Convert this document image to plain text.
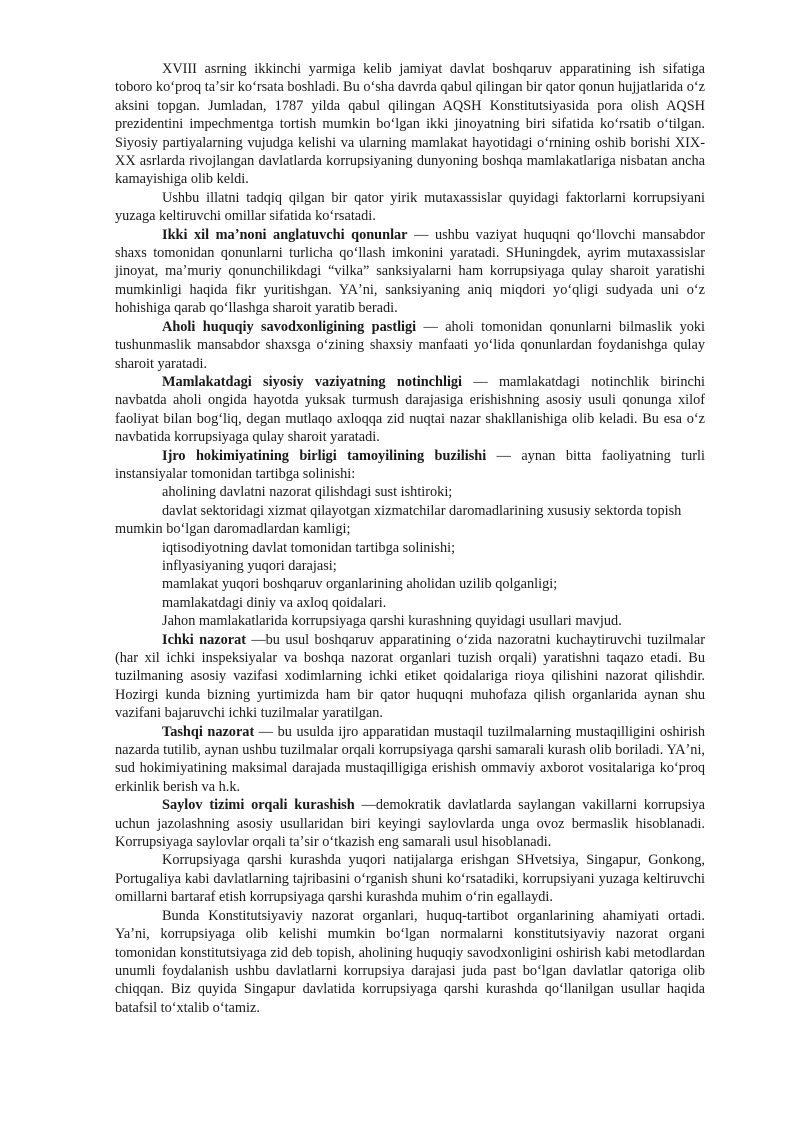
XVIII asrning ikkinchi yarmiga kelib jamiyat davlat boshqaruv apparatining ish sifatiga toboro koʻproq taʼsir koʻrsata boshladi. Bu oʻsha davrda qabul qilingan bir qator qonun hujjatlarida oʻz aksini topgan. Jumladan, 1787 yilda qabul qilingan AQSH Konstitutsiyasida pora olish AQSH prezidentini impechmentga tortish mumkin boʻlgan ikki jinoyatning biri sifatida koʻrsatib oʻtilgan. Siyosiy partiyalarning vujudga kelishi va ularning mamlakat hayotidagi oʻrnining oshib borishi XIX-XX asrlarda rivojlangan davlatlarda korrupsiyaning dunyoning boshqa mamlakatlariga nisbatan ancha kamayishiga olib keldi.

Ushbu illatni tadqiq qilgan bir qator yirik mutaxassislar quyidagi faktorlarni korrupsiyani yuzaga keltiruvchi omillar sifatida koʻrsatadi.

Ikki xil maʼnoni anglatuvchi qonunlar — ushbu vaziyat huquqni qoʻllovchi mansabdor shaxs tomonidan qonunlarni turlicha qoʻllash imkonini yaratadi. SHuningdek, ayrim mutaxassislar jinoyat, maʼmuriy qonunchilikdagi “vilka” sanksiyalarni ham korrupsiyaga qulay sharoit yaratishi mumkinligi haqida fikr yuritishgan. YAʼni, sanksiyaning aniq miqdori yoʻqligi sudyada uni oʻz hohishiga qarab qoʻllashga sharoit yaratib beradi.

Aholi huquqiy savodxonligining pastligi — aholi tomonidan qonunlarni bilmaslik yoki tushunmaslik mansabdor shaxsga oʻzining shaxsiy manfaati yoʻlida qonunlardan foydanishga qulay sharoit yaratadi.

Mamlakatdagi siyosiy vaziyatning notinchligi — mamlakatdagi notinchlik birinchi navbatda aholi ongida hayotda yuksak turmush darajasiga erishishning asosiy usuli qonunga xilof faoliyat bilan bogʻliq, degan mutlaqo axloqqa zid nuqtai nazar shakllanishiga olib keladi. Bu esa oʻz navbatida korrupsiyaga qulay sharoit yaratadi.

Ijro hokimiyatining birligi tamoyilining buzilishi — aynan bitta faoliyatning turli instansiyalar tomonidan tartibga solinishi:

aholining davlatni nazorat qilishdagi sust ishtiroki;

davlat sektoridagi xizmat qilayotgan xizmatchilar daromadlarining xususiy sektorda topish mumkin boʻlgan daromadlardan kamligi;

iqtisodiyotning davlat tomonidan tartibga solinishi;

inflyasiyaning yuqori darajasi;

mamlakat yuqori boshqaruv organlarining aholidan uzilib qolganligi;

mamlakatdagi diniy va axloq qoidalari.

Jahon mamlakatlarida korrupsiyaga qarshi kurashning quyidagi usullari mavjud.

Ichki nazorat —bu usul boshqaruv apparatining oʻzida nazoratni kuchaytiruvchi tuzilmalar (har xil ichki inspeksiyalar va boshqa nazorat organlari tuzish orqali) yaratishni taqazo etadi. Bu tuzilmaning asosiy vazifasi xodimlarning ichki etiket qoidalariga rioya qilishini nazorat qilishdir. Hozirgi kunda bizning yurtimizda ham bir qator huquqni muhofaza qilish organlarida aynan shu vazifani bajaruvchi ichki tuzilmalar yaratilgan.

Tashqi nazorat — bu usulda ijro apparatidan mustaqil tuzilmalarning mustaqilligini oshirish nazarda tutilib, aynan ushbu tuzilmalar orqali korrupsiyaga qarshi samarali kurash olib boriladi. YAʼni, sud hokimiyatining maksimal darajada mustaqilligiga erishish ommaviy axborot vositalariga koʻproq erkinlik berish va h.k.

Saylov tizimi orqali kurashish —demokratik davlatlarda saylangan vakillarni korrupsiya uchun jazolashning asosiy usullaridan biri keyingi saylovlarda unga ovoz bermaslik hisoblanadi. Korrupsiyaga saylovlar orqali taʼsir oʻtkazish eng samarali usul hisoblanadi.

Korrupsiyaga qarshi kurashda yuqori natijalarga erishgan SHvetsiya, Singapur, Gonkong, Portugaliya kabi davlatlarning tajribasini oʻrganish shuni koʻrsatadiki, korrupsiyani yuzaga keltiruvchi omillarni bartaraf etish korrupsiyaga qarshi kurashda muhim oʻrin egallaydi.

Bunda Konstitutsiyaviy nazorat organlari, huquq-tartibot organlarining ahamiyati ortadi. Yaʼni, korrupsiyaga olib kelishi mumkin boʻlgan normalarni konstitutsiyaviy nazorat organi tomonidan konstitutsiyaga zid deb topish, aholining huquqiy savodxonligini oshirish kabi metodlardan unumli foydalanish ushbu davlatlarni korrupsiya darajasi juda past boʻlgan davlatlar qatoriga olib chiqqan. Biz quyida Singapur davlatida korrupsiyaga qarshi kurashda qoʻllanilgan usullar haqida batafsil toʻxtalib oʻtamiz.
